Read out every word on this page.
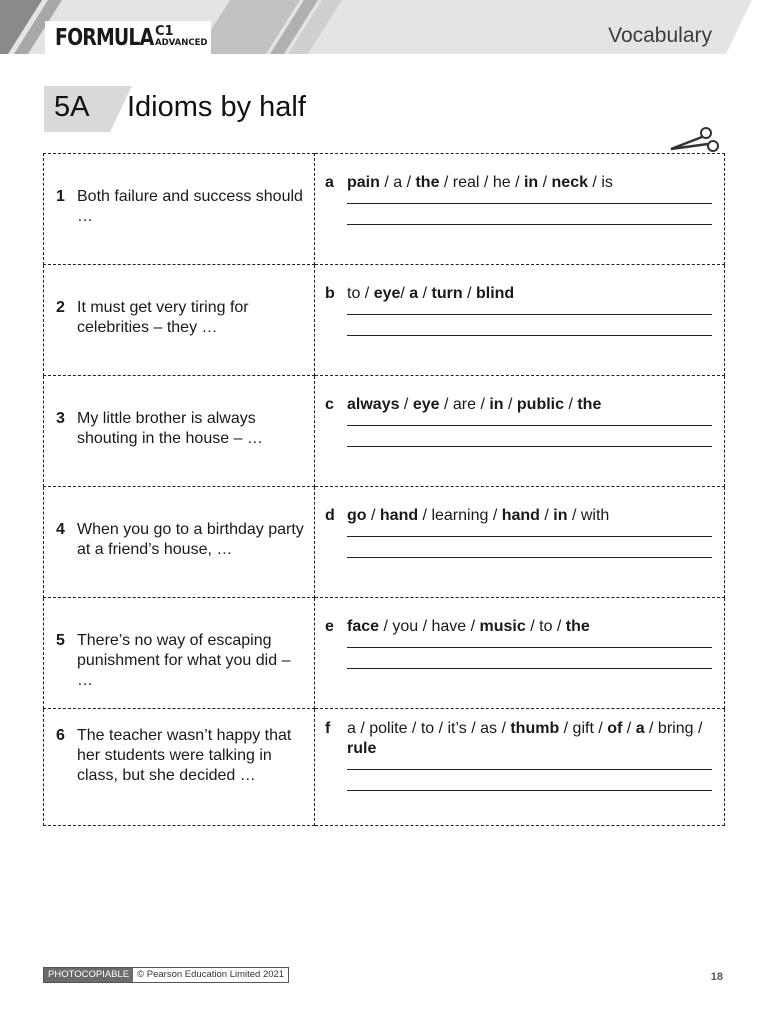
FORMULA C1
ADVANCED	Vocabulary
5A Idioms by half
1 Both failure and success should …	a pain / a / the / real / he / in / neck / is

2 It must get very tiring for celebrities – they …	b to / eye/ a / turn / blind

3 My little brother is always shouting in the house – …	c always / eye / are / in / public / the

4 When you go to a birthday party at a friend’s house, …	d go / hand / learning / hand / in / with

5 There’s no way of escaping punishment for what you did – …	e face / you / have / music / to / the

6 The teacher wasn’t happy that her students were talking in class, but she decided …	f a / polite / to / it’s / as / thumb / gift / of / a / bring / rule
PHOTOCOPIABLE © Pearson Education Limited 2021	18
